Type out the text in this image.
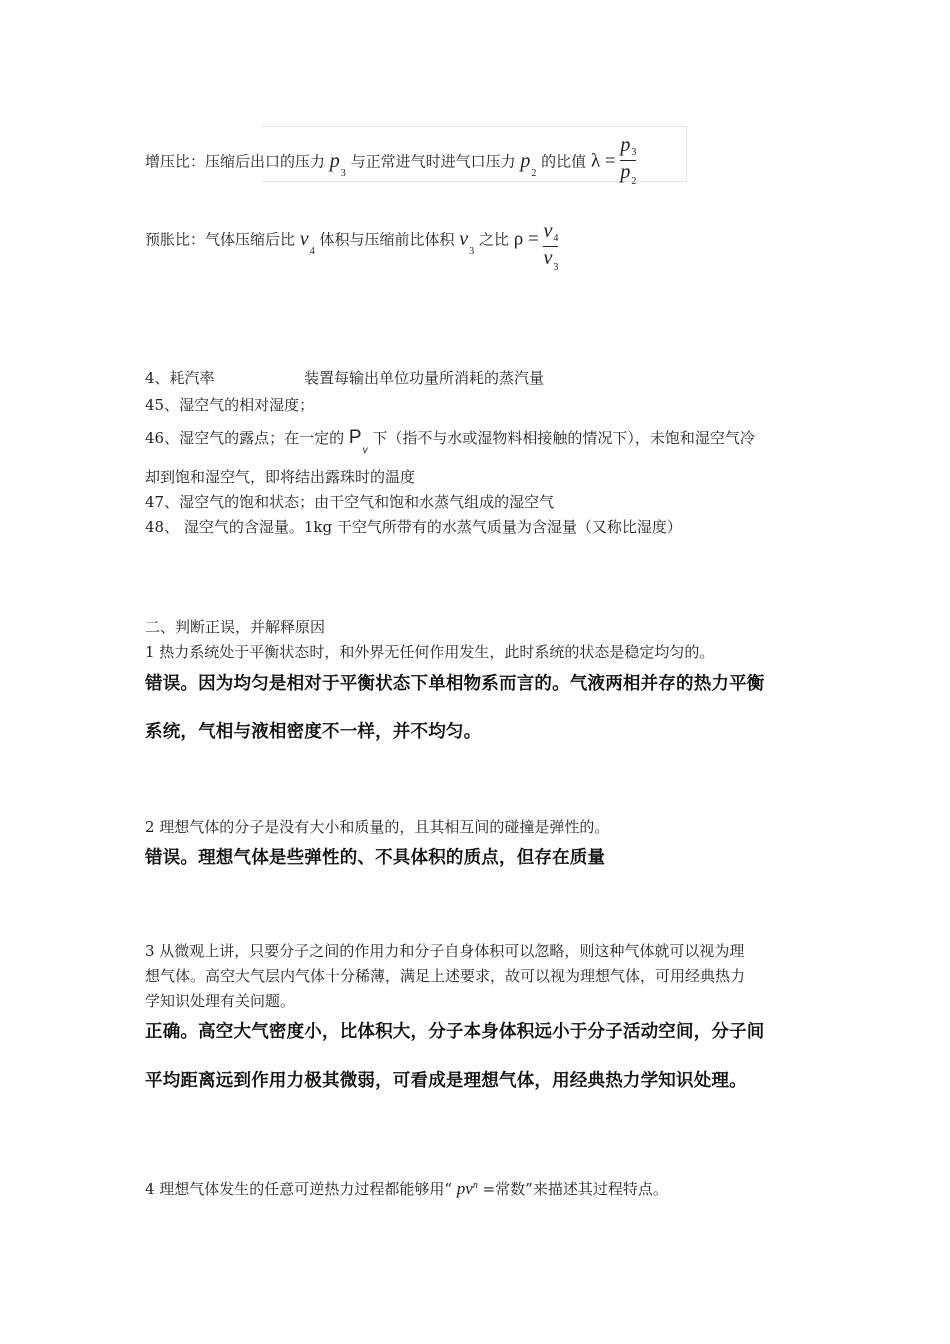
增压比：压缩后出口的压力 $p_3$ 与正常进气时进气口压力 $p_2$ 的比值 $\lambda = \frac{p_3}{p_2}$
预胀比：气体压缩后比 $v_4$ 体积与压缩前比体积 $v_3$ 之比 $\rho = \frac{v_4}{v_3}$
4、耗汽率	装置每输出单位功量所消耗的蒸汽量
45、湿空气的相对湿度；
46、湿空气的露点；在一定的 $P_v$ 下（指不与水或湿物料相接触的情况下），未饱和湿空气冷
却到饱和湿空气，即将结出露珠时的温度
47、湿空气的饱和状态；由干空气和饱和水蒸气组成的湿空气
48、 湿空气的含湿量。1kg 干空气所带有的水蒸气质量为含湿量（又称比湿度）
二、判断正误，并解释原因
1 热力系统处于平衡状态时，和外界无任何作用发生，此时系统的状态是稳定均匀的。
错误。因为均匀是相对于平衡状态下单相物系而言的。气液两相并存的热力平衡
系统，气相与液相密度不一样，并不均匀。
2 理想气体的分子是没有大小和质量的，且其相互间的碰撞是弹性的。
错误。理想气体是些弹性的、不具体积的质点，但存在质量
3 从微观上讲，只要分子之间的作用力和分子自身体积可以忽略，则这种气体就可以视为理
想气体。高空大气层内气体十分稀薄，满足上述要求，故可以视为理想气体，可用经典热力
学知识处理有关问题。
正确。高空大气密度小，比体积大，分子本身体积远小于分子活动空间，分子间
平均距离远到作用力极其微弱，可看成是理想气体，用经典热力学知识处理。
4 理想气体发生的任意可逆热力过程都能够用“ $pv^n$ =常数”来描述其过程特点。
